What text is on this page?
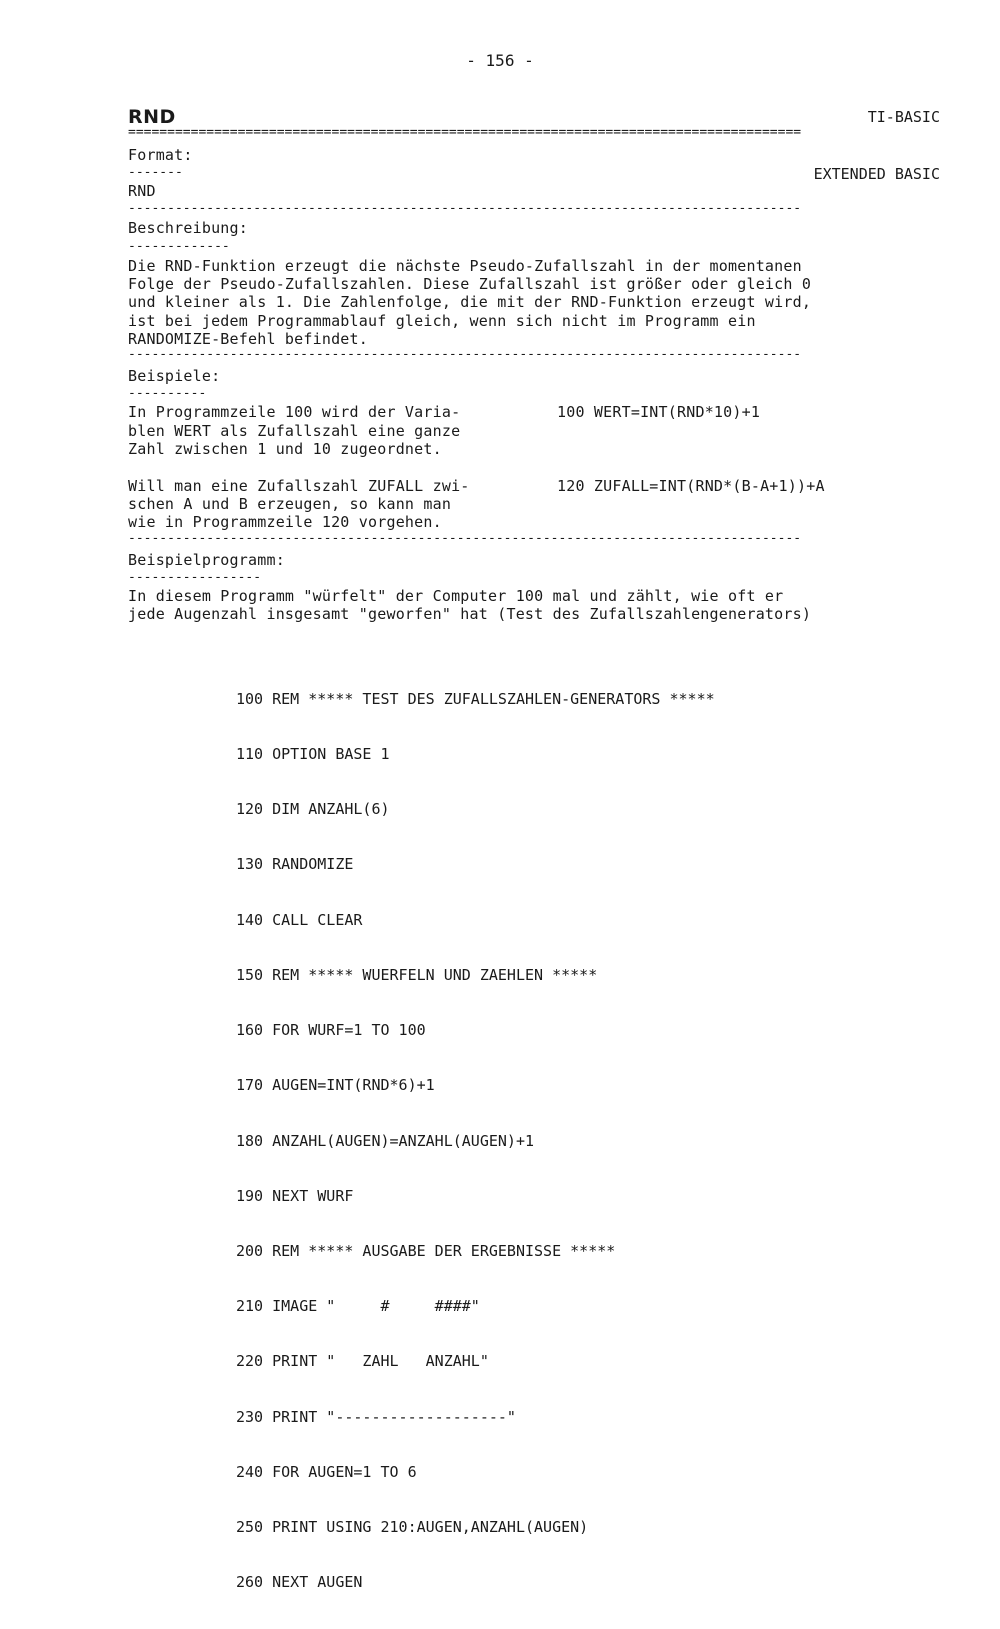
- 156 -

TI-BASIC

EXTENDED BASIC

RND
======================================================================================
Format:
-------
RND
--------------------------------------------------------------------------------------
Beschreibung:
-------------
Die RND-Funktion erzeugt die nächste Pseudo-Zufallszahl in der momentanen
Folge der Pseudo-Zufallszahlen. Diese Zufallszahl ist größer oder gleich 0
und kleiner als 1. Die Zahlenfolge, die mit der RND-Funktion erzeugt wird,
ist bei jedem Programmablauf gleich, wenn sich nicht im Programm ein
RANDOMIZE-Befehl befindet.
--------------------------------------------------------------------------------------
Beispiele:
----------
In Programmzeile 100 wird der Varia-
blen WERT als Zufallszahl eine ganze
Zahl zwischen 1 und 10 zugeordnet.
100 WERT=INT(RND*10)+1
Will man eine Zufallszahl ZUFALL zwi-
schen A und B erzeugen, so kann man
wie in Programmzeile 120 vorgehen.
120 ZUFALL=INT(RND*(B-A+1))+A
--------------------------------------------------------------------------------------
Beispielprogramm:
-----------------
In diesem Programm "würfelt" der Computer 100 mal und zählt, wie oft er
jede Augenzahl insgesamt "geworfen" hat (Test des Zufallszahlengenerators)

100 REM ***** TEST DES ZUFALLSZAHLEN-GENERATORS *****

110 OPTION BASE 1

120 DIM ANZAHL(6)

130 RANDOMIZE

140 CALL CLEAR

150 REM ***** WUERFELN UND ZAEHLEN *****

160 FOR WURF=1 TO 100

170 AUGEN=INT(RND*6)+1

180 ANZAHL(AUGEN)=ANZAHL(AUGEN)+1

190 NEXT WURF

200 REM ***** AUSGABE DER ERGEBNISSE *****

210 IMAGE "     #     ####"

220 PRINT "   ZAHL   ANZAHL"

230 PRINT "-------------------"

240 FOR AUGEN=1 TO 6

250 PRINT USING 210:AUGEN,ANZAHL(AUGEN)

260 NEXT AUGEN
